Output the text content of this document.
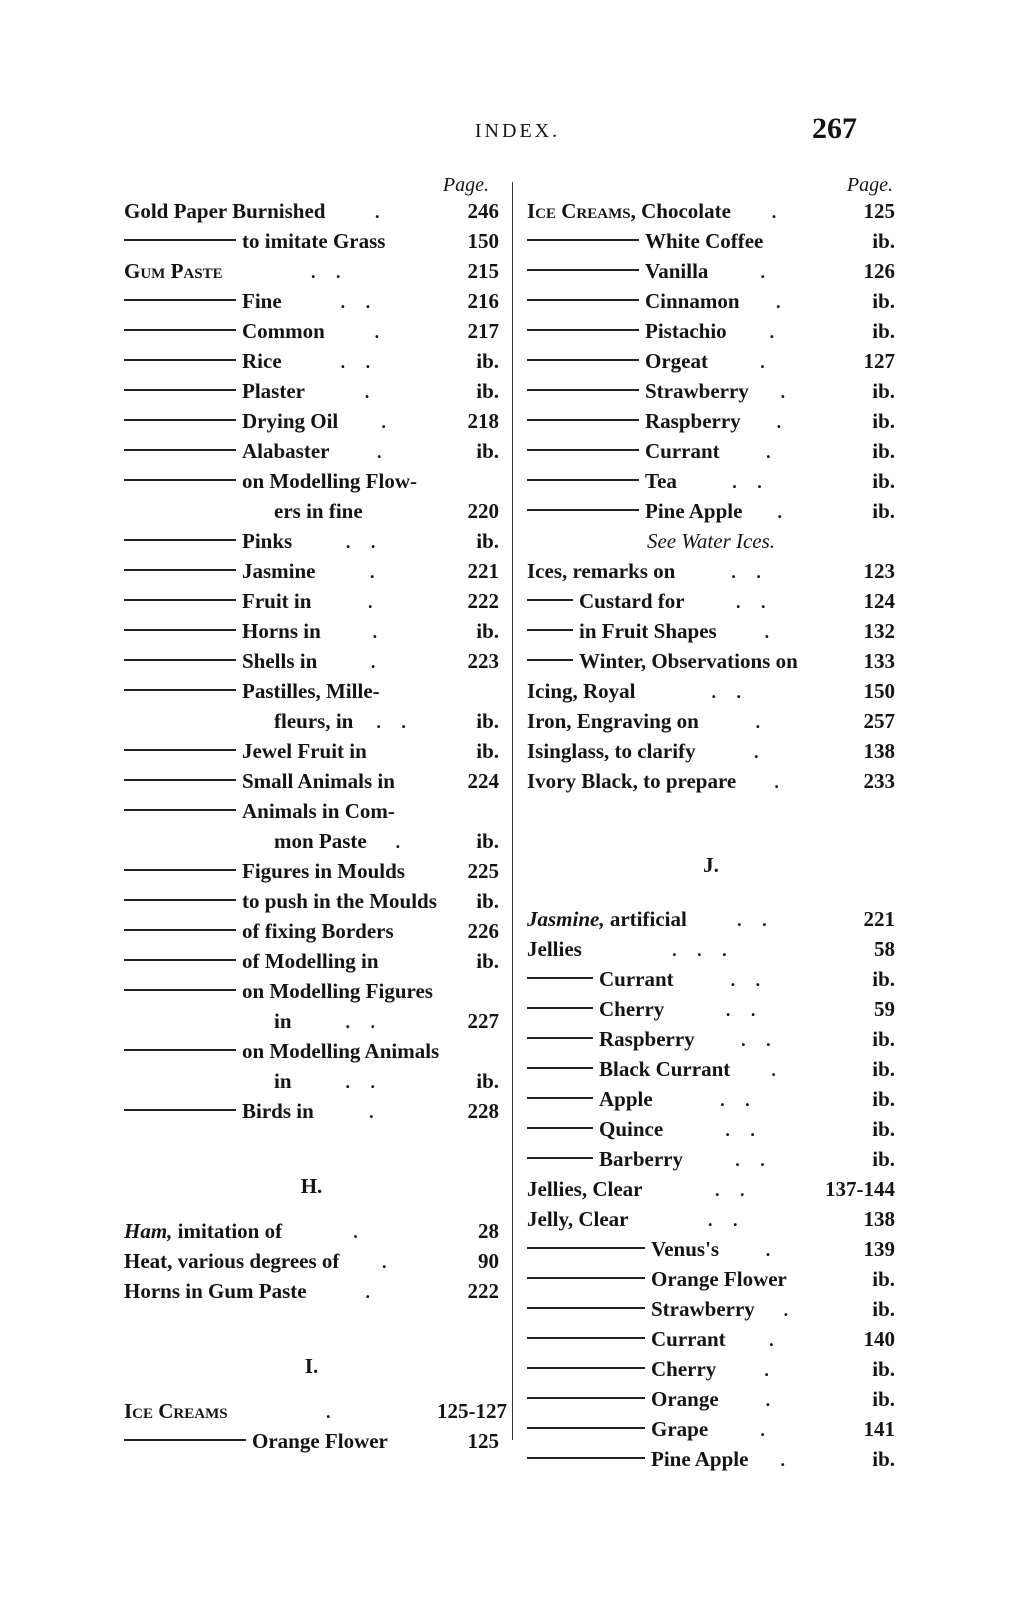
INDEX.	267
Page.
Gold Paper Burnished	.	246
to imitate Grass	150
Gum Paste	. .	215
Fine	. .	216
Common	.	217
Rice	. .	ib.
Plaster	.	ib.
Drying Oil	.	218
Alabaster	.	ib.
on Modelling Flow-
ers in fine	220
Pinks	. .	ib.
Jasmine	.	221
Fruit in	.	222
Horns in	.	ib.
Shells in	.	223
Pastilles, Mille-
fleurs, in	. .	ib.
Jewel Fruit in	ib.
Small Animals in	224
Animals in Com-
mon Paste	.	ib.
Figures in Moulds	225
to push in the Moulds	ib.
of fixing Borders	226
of Modelling in	ib.
on Modelling Figures
in	. .	227
on Modelling Animals
in	. .	ib.
Birds in	.	228
H.
Ham, imitation of	.	28
Heat, various degrees of	.	90
Horns in Gum Paste	.	222
I.
Ice Creams	.	125-127
Orange Flower	125
Page.
Ice Creams, Chocolate	.	125
White Coffee	ib.
Vanilla	.	126
Cinnamon	.	ib.
Pistachio	.	ib.
Orgeat	.	127
Strawberry	.	ib.
Raspberry	.	ib.
Currant	.	ib.
Tea	. .	ib.
Pine Apple	.	ib.
See Water Ices.
Ices, remarks on	. .	123
Custard for	. .	124
in Fruit Shapes	.	132
Winter, Observations on	133
Icing, Royal	. .	150
Iron, Engraving on	.	257
Isinglass, to clarify	.	138
Ivory Black, to prepare	.	233
J.
Jasmine, artificial	. .	221
Jellies	. . .	58
Currant	. .	ib.
Cherry	. .	59
Raspberry	. .	ib.
Black Currant	.	ib.
Apple	. .	ib.
Quince	. .	ib.
Barberry	. .	ib.
Jellies, Clear	. .	137-144
Jelly, Clear	. .	138
Venus's	.	139
Orange Flower	ib.
Strawberry	.	ib.
Currant	.	140
Cherry	.	ib.
Orange	.	ib.
Grape	.	141
Pine Apple	.	ib.
